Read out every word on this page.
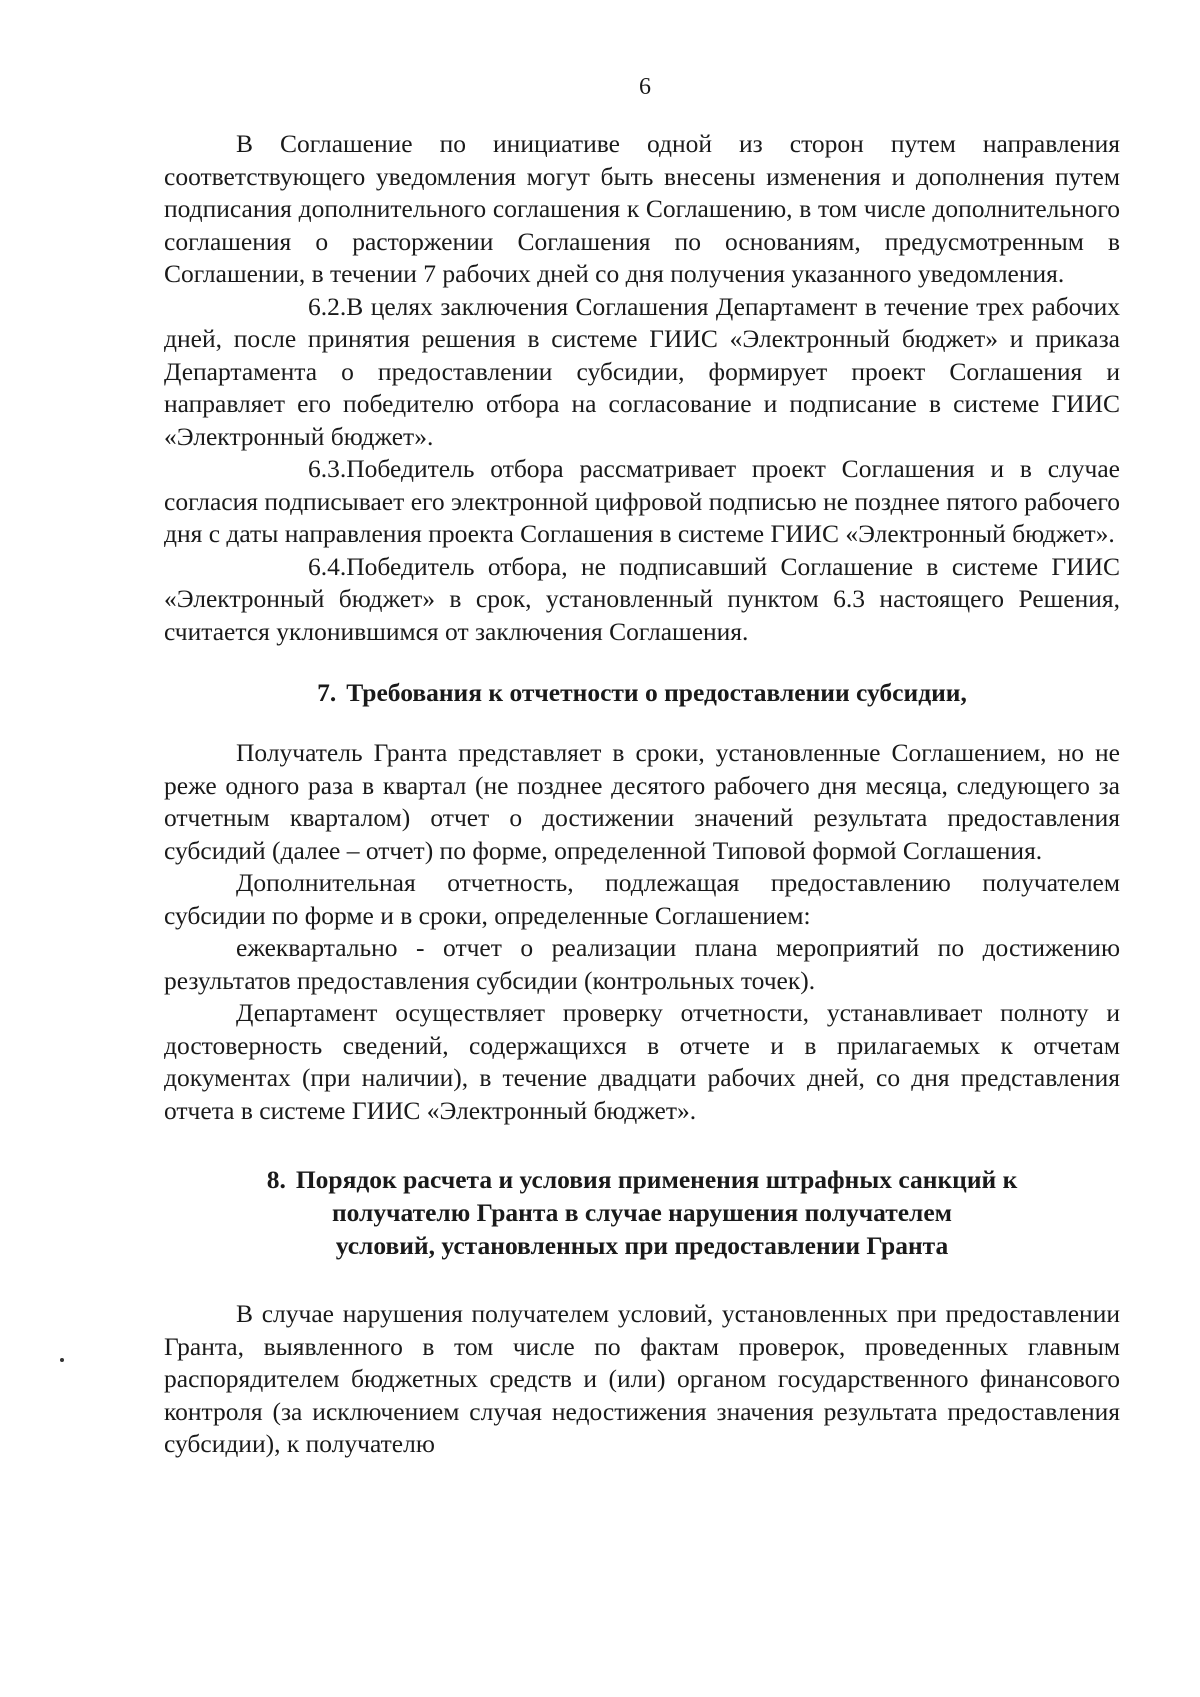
6

В Соглашение по инициативе одной из сторон путем направления соответствующего уведомления могут быть внесены изменения и дополнения путем подписания дополнительного соглашения к Соглашению, в том числе дополнительного соглашения о расторжении Соглашения по основаниям, предусмотренным в Соглашении, в течении 7 рабочих дней со дня получения указанного уведомления.

6.2.В целях заключения Соглашения Департамент в течение трех рабочих дней, после принятия решения в системе ГИИС «Электронный бюджет» и приказа Департамента о предоставлении субсидии, формирует проект Соглашения и направляет его победителю отбора на согласование и подписание в системе ГИИС «Электронный бюджет».

6.3.Победитель отбора рассматривает проект Соглашения и в случае согласия подписывает его электронной цифровой подписью не позднее пятого рабочего дня с даты направления проекта Соглашения в системе ГИИС «Электронный бюджет».

6.4.Победитель отбора, не подписавший Соглашение в системе ГИИС «Электронный бюджет» в срок, установленный пунктом 6.3 настоящего Решения, считается уклонившимся от заключения Соглашения.

7. Требования к отчетности о предоставлении субсидии,

Получатель Гранта представляет в сроки, установленные Соглашением, но не реже одного раза в квартал (не позднее десятого рабочего дня месяца, следующего за отчетным кварталом) отчет о достижении значений результата предоставления субсидий (далее – отчет) по форме, определенной Типовой формой Соглашения.

Дополнительная отчетность, подлежащая предоставлению получателем субсидии по форме и в сроки, определенные Соглашением:

ежеквартально - отчет о реализации плана мероприятий по достижению результатов предоставления субсидии (контрольных точек).

Департамент осуществляет проверку отчетности, устанавливает полноту и достоверность сведений, содержащихся в отчете и в прилагаемых к отчетам документах (при наличии), в течение двадцати рабочих дней, со дня представления отчета в системе ГИИС «Электронный бюджет».

8. Порядок расчета и условия применения штрафных санкций к

получателю Гранта в случае нарушения получателем

условий, установленных при предоставлении Гранта

В случае нарушения получателем условий, установленных при предоставлении Гранта, выявленного в том числе по фактам проверок, проведенных главным распорядителем бюджетных средств и (или) органом государственного финансового контроля (за исключением случая недостижения значения результата предоставления субсидии), к получателю
